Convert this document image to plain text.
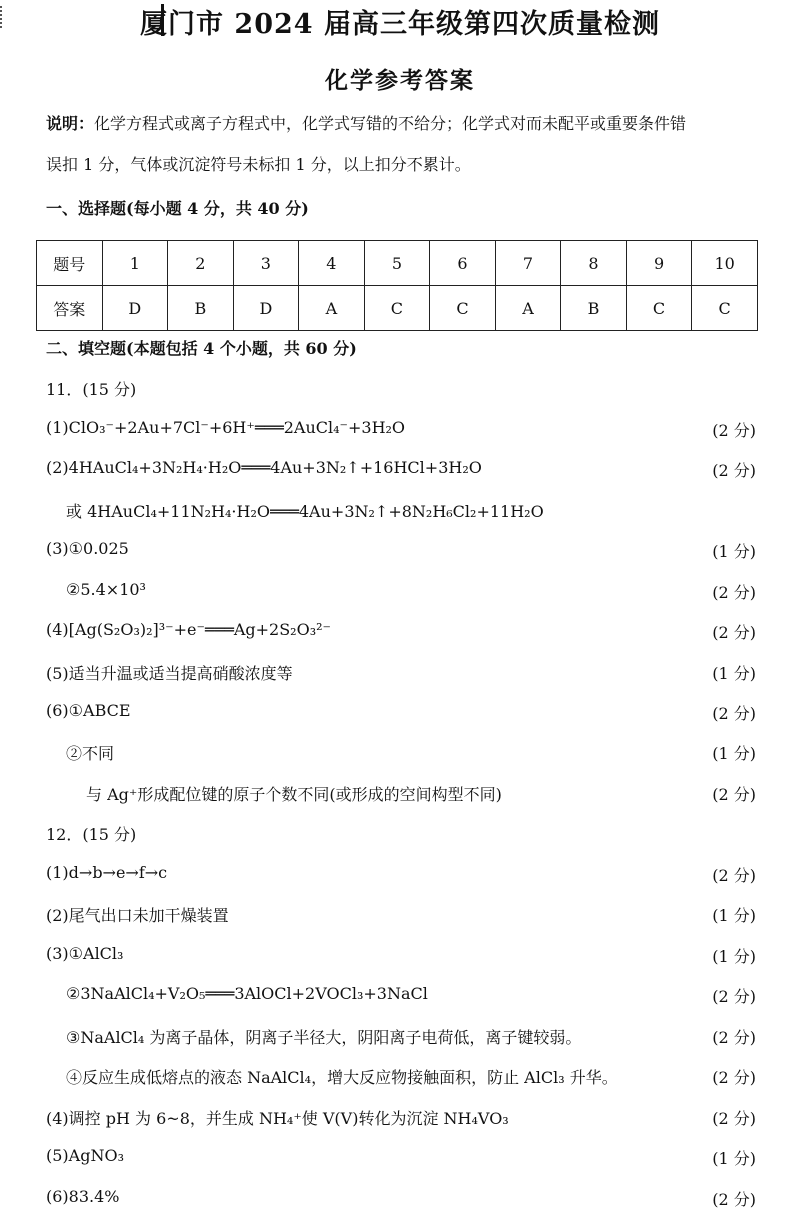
厦门市 2024 届高三年级第四次质量检测
化学参考答案
说明：化学方程式或离子方程式中，化学式写错的不给分；化学式对而未配平或重要条件错
误扣 1 分，气体或沉淀符号未标扣 1 分，以上扣分不累计。
一、选择题(每小题 4 分，共 40 分)
题号	1	2	3	4	5	6	7	8	9	10
答案	D	B	D	A	C	C	A	B	C	C
二、填空题(本题包括 4 个小题，共 60 分)
11．(15 分)
(1)ClO₃⁻+2Au+7Cl⁻+6H⁺═══2AuCl₄⁻+3H₂O	(2 分)
(2)4HAuCl₄+3N₂H₄·H₂O═══4Au+3N₂↑+16HCl+3H₂O	(2 分)
或 4HAuCl₄+11N₂H₄·H₂O═══4Au+3N₂↑+8N₂H₆Cl₂+11H₂O
(3)①0.025	(1 分)
②5.4×10³	(2 分)
(4)[Ag(S₂O₃)₂]³⁻+e⁻═══Ag+2S₂O₃²⁻	(2 分)
(5)适当升温或适当提高硝酸浓度等	(1 分)
(6)①ABCE	(2 分)
②不同	(1 分)
与 Ag⁺形成配位键的原子个数不同(或形成的空间构型不同)	(2 分)
12．(15 分)
(1)d→b→e→f→c	(2 分)
(2)尾气出口未加干燥装置	(1 分)
(3)①AlCl₃	(1 分)
②3NaAlCl₄+V₂O₅═══3AlOCl+2VOCl₃+3NaCl	(2 分)
③NaAlCl₄ 为离子晶体，阴离子半径大，阴阳离子电荷低，离子键较弱。	(2 分)
④反应生成低熔点的液态 NaAlCl₄，增大反应物接触面积，防止 AlCl₃ 升华。	(2 分)
(4)调控 pH 为 6~8，并生成 NH₄⁺使 V(V)转化为沉淀 NH₄VO₃	(2 分)
(5)AgNO₃	(1 分)
(6)83.4%	(2 分)
